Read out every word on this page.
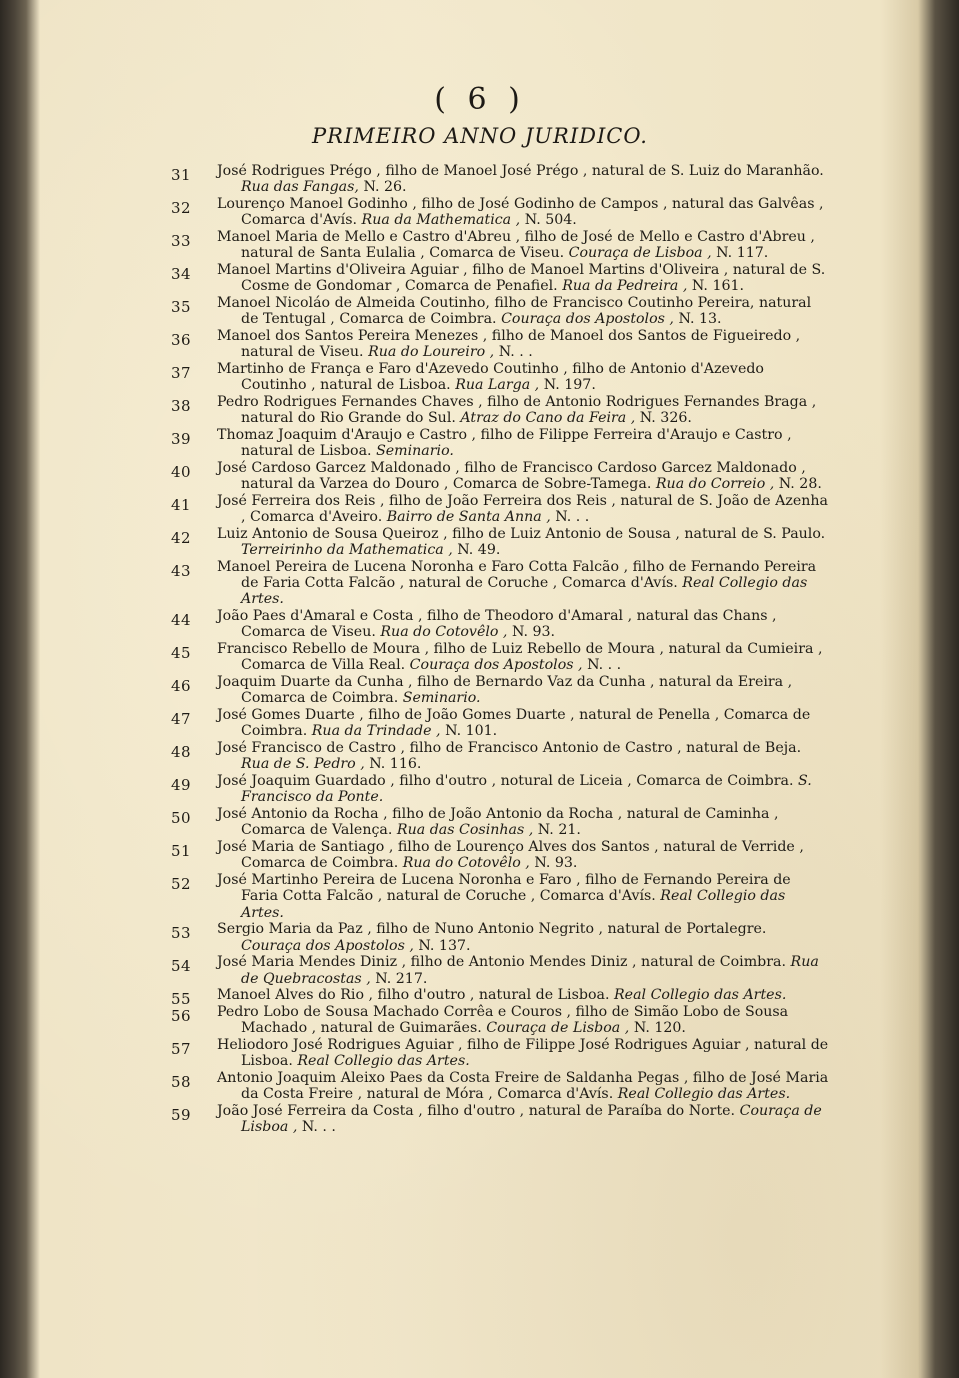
( 6 )
PRIMEIRO ANNO JURIDICO.
31 José Rodrigues Prégo , filho de Manoel José Prégo , natural de S. Luiz do Maranhão. Rua das Fangas, N. 26.
32 Lourenço Manoel Godinho , filho de José Godinho de Campos , natural das Galvêas , Comarca d'Avís. Rua da Mathematica , N. 504.
33 Manoel Maria de Mello e Castro d'Abreu , filho de José de Mello e Castro d'Abreu , natural de Santa Eulalia , Comarca de Viseu. Couraça de Lisboa , N. 117.
34 Manoel Martins d'Oliveira Aguiar , filho de Manoel Martins d'Oliveira , natural de S. Cosme de Gondomar , Comarca de Penafiel. Rua da Pedreira , N. 161.
35 Manoel Nicoláo de Almeida Coutinho, filho de Francisco Coutinho Pereira, natural de Tentugal , Comarca de Coimbra. Couraça dos Apostolos , N. 13.
36 Manoel dos Santos Pereira Menezes , filho de Manoel dos Santos de Figueiredo , natural de Viseu. Rua do Loureiro , N. . .
37 Martinho de França e Faro d'Azevedo Coutinho , filho de Antonio d'Azevedo Coutinho , natural de Lisboa. Rua Larga , N. 197.
38 Pedro Rodrigues Fernandes Chaves , filho de Antonio Rodrigues Fernandes Braga , natural do Rio Grande do Sul. Atraz do Cano da Feira , N. 326.
39 Thomaz Joaquim d'Araujo e Castro , filho de Filippe Ferreira d'Araujo e Castro , natural de Lisboa. Seminario.
40 José Cardoso Garcez Maldonado , filho de Francisco Cardoso Garcez Maldonado , natural da Varzea do Douro , Comarca de Sobre-Tamega. Rua do Correio , N. 28.
41 José Ferreira dos Reis , filho de João Ferreira dos Reis , natural de S. João de Azenha , Comarca d'Aveiro. Bairro de Santa Anna , N. . .
42 Luiz Antonio de Sousa Queiroz , filho de Luiz Antonio de Sousa , natural de S. Paulo. Terreirinho da Mathematica , N. 49.
43 Manoel Pereira de Lucena Noronha e Faro Cotta Falcão , filho de Fernando Pereira de Faria Cotta Falcão , natural de Coruche , Comarca d'Avís. Real Collegio das Artes.
44 João Paes d'Amaral e Costa , filho de Theodoro d'Amaral , natural das Chans , Comarca de Viseu. Rua do Cotovêlo , N. 93.
45 Francisco Rebello de Moura , filho de Luiz Rebello de Moura , natural da Cumieira , Comarca de Villa Real. Couraça dos Apostolos , N. . .
46 Joaquim Duarte da Cunha , filho de Bernardo Vaz da Cunha , natural da Ereira , Comarca de Coimbra. Seminario.
47 José Gomes Duarte , filho de João Gomes Duarte , natural de Penella , Comarca de Coimbra. Rua da Trindade , N. 101.
48 José Francisco de Castro , filho de Francisco Antonio de Castro , natural de Beja. Rua de S. Pedro , N. 116.
49 José Joaquim Guardado , filho d'outro , notural de Liceia , Comarca de Coimbra. S. Francisco da Ponte.
50 José Antonio da Rocha , filho de João Antonio da Rocha , natural de Caminha , Comarca de Valença. Rua das Cosinhas , N. 21.
51 José Maria de Santiago , filho de Lourenço Alves dos Santos , natural de Verride , Comarca de Coimbra. Rua do Cotovêlo , N. 93.
52 José Martinho Pereira de Lucena Noronha e Faro , filho de Fernando Pereira de Faria Cotta Falcão , natural de Coruche , Comarca d'Avís. Real Collegio das Artes.
53 Sergio Maria da Paz , filho de Nuno Antonio Negrito , natural de Portalegre. Couraça dos Apostolos , N. 137.
54 José Maria Mendes Diniz , filho de Antonio Mendes Diniz , natural de Coimbra. Rua de Quebracostas , N. 217.
55 Manoel Alves do Rio , filho d'outro , natural de Lisboa. Real Collegio das Artes.
56 Pedro Lobo de Sousa Machado Corrêa e Couros , filho de Simão Lobo de Sousa Machado , natural de Guimarães. Couraça de Lisboa , N. 120.
57 Heliodoro José Rodrigues Aguiar , filho de Filippe José Rodrigues Aguiar , natural de Lisboa. Real Collegio das Artes.
58 Antonio Joaquim Aleixo Paes da Costa Freire de Saldanha Pegas , filho de José Maria da Costa Freire , natural de Móra , Comarca d'Avís. Real Collegio das Artes.
59 João José Ferreira da Costa , filho d'outro , natural de Paraíba do Norte. Couraça de Lisboa , N. . .
